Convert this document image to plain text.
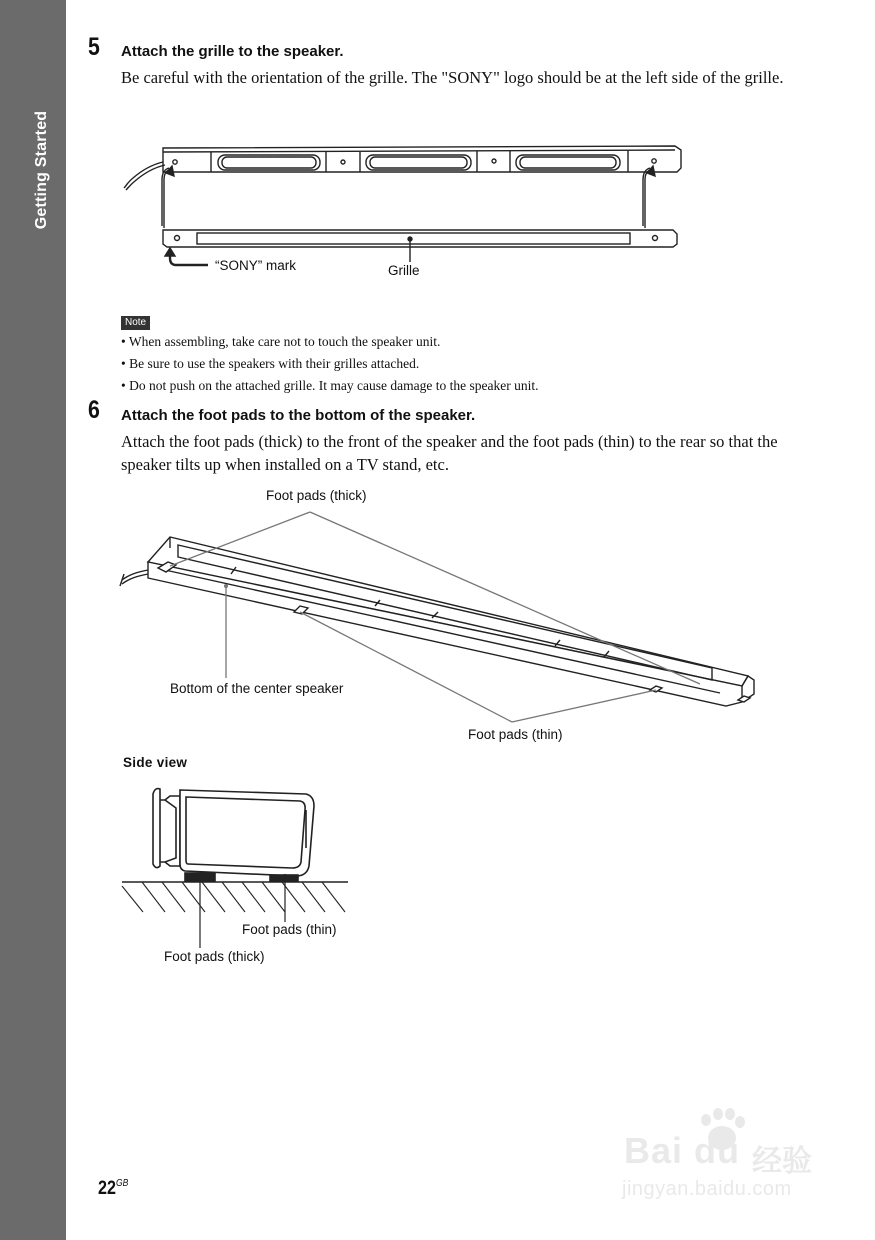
Getting Started
5 Attach the grille to the speaker.
Be careful with the orientation of the grille. The "SONY" logo should be at the left side of the grille.
“SONY” mark	Grille
Note
• When assembling, take care not to touch the speaker unit.
• Be sure to use the speakers with their grilles attached.
• Do not push on the attached grille. It may cause damage to the speaker unit.
6 Attach the foot pads to the bottom of the speaker.
Attach the foot pads (thick) to the front of the speaker and the foot pads (thin) to the rear so that the speaker tilts up when installed on a TV stand, etc.
Foot pads (thick)
Bottom of the center speaker
Foot pads (thin)
Side view
Foot pads (thin)
Foot pads (thick)
$22^{GB}$
Bai du 经验
jingyan.baidu.com
